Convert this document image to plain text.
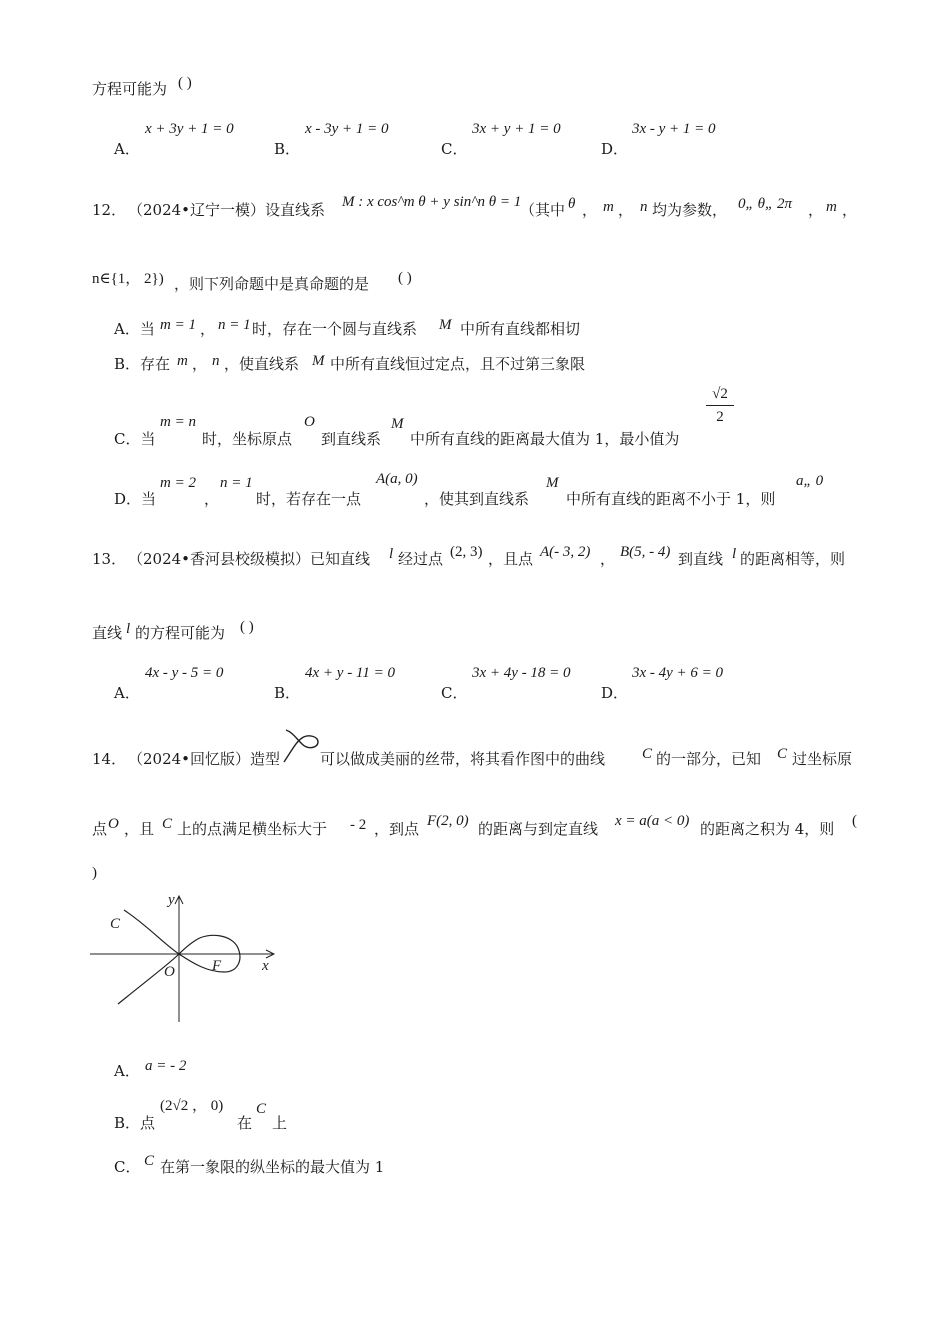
方程可能为 ( )
A．
x + 3y + 1 = 0
B．
x - 3y + 1 = 0
C．
3x + y + 1 = 0
D．
3x - y + 1 = 0
12． （2024•辽宁一模）设直线系 M : x cos^m θ + y sin^n θ = 1
（其中 θ ， m ， n 均为参数， 0„ θ„ 2π ， m ，
n∈{1， 2}) ，则下列命题中是真命题的是 ( )
A．当 m = 1 ， n = 1 时，存在一个圆与直线系 M 中所有直线都相切
B．存在 m ， n ，使直线系 M 中所有直线恒过定点，且不过第三象限
C．当
m = n
时，坐标原点
O
到直线系
M
中所有直线的距离最大值为 1，最小值为
√2
2
D．当
m = 2
，
n = 1
时，若存在一点
A(a, 0)
，使其到直线系
M
中所有直线的距离不小于 1，则
a„ 0
13． （2024•香河县校级模拟）已知直线 l 经过点 (2, 3) ，且点 A(- 3, 2) ， B(5, - 4) 到直线 l 的距离相等，则
直线 l 的方程可能为 ( )
A．
4x - y - 5 = 0
B．
4x + y - 11 = 0
C．
3x + 4y - 18 = 0
D．
3x - 4y + 6 = 0
14． （2024•回忆版）造型	可以做成美丽的丝带，将其看作图中的曲线 C 的一部分，已知 C 过坐标原
点 O ，且 C 上的点满足横坐标大于 - 2 ，到点 F(2, 0) 的距离与到定直线 x = a(a < 0) 的距离之积为 4，则 (
)
y
x
C
O F
A． a = - 2
B．点
(2√2 ， 0)
在
C
上
C． C 在第一象限的纵坐标的最大值为 1
